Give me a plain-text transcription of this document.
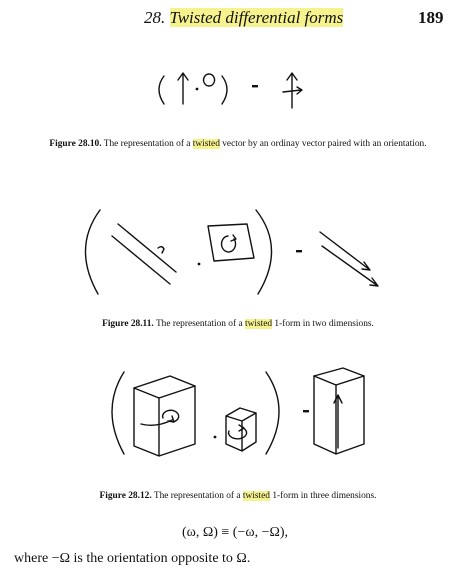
28. Twisted differential forms	189
Figure 28.10. The representation of a twisted vector by an ordinay vector paired with an orientation.
Figure 28.11. The representation of a twisted 1-form in two dimensions.
Figure 28.12. The representation of a twisted 1-form in three dimensions.
(ω, Ω) ≡ (−ω, −Ω),
where −Ω is the orientation opposite to Ω.
